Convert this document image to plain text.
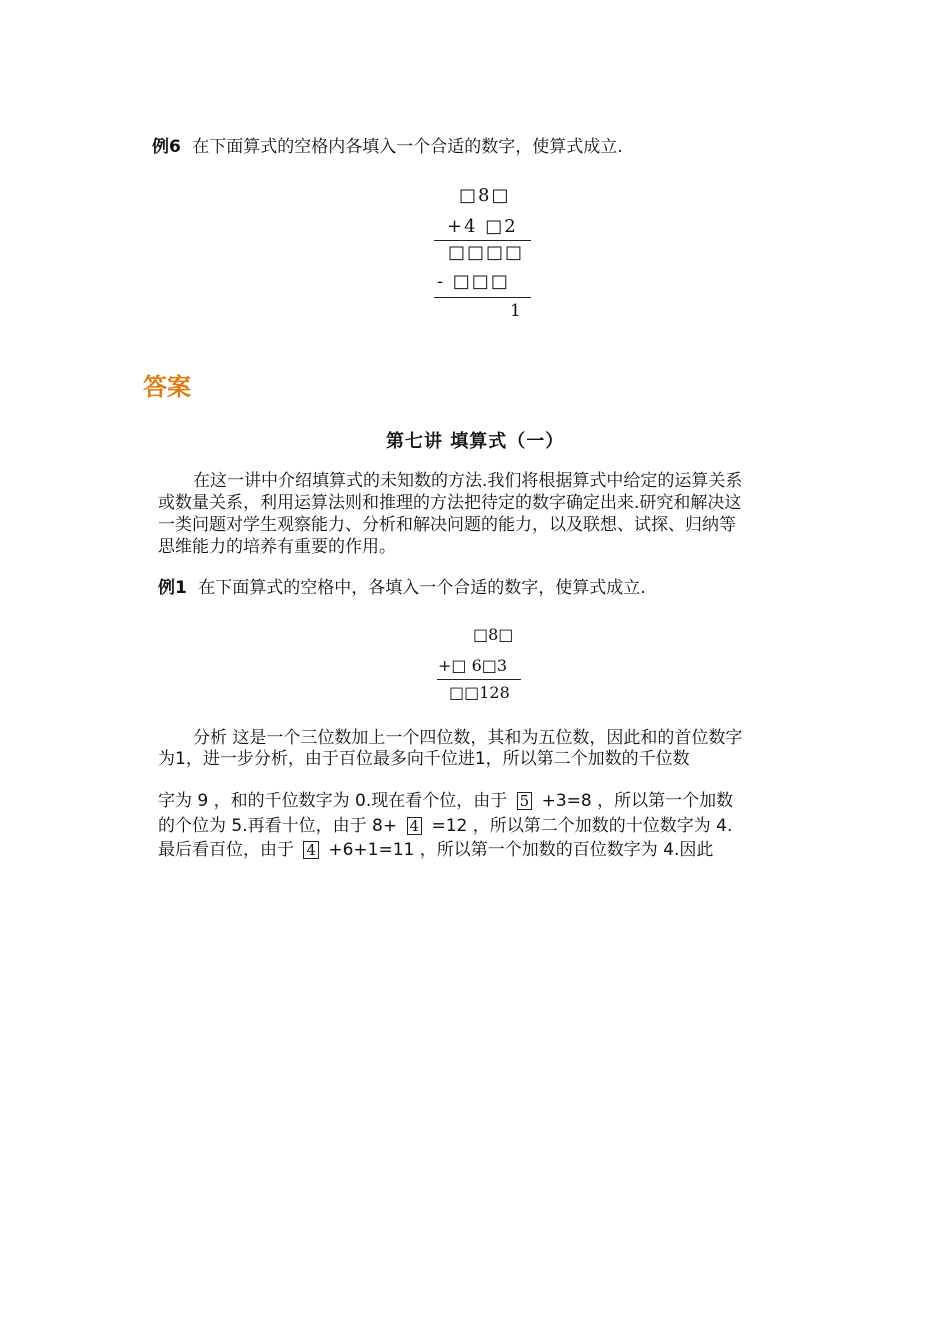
例6 在下面算式的空格内各填入一个合适的数字，使算式成立.
□8□
+4 □2
□□□□
- □□□
1
答案
第七讲 填算式（一）
在这一讲中介绍填算式的未知数的方法.我们将根据算式中给定的运算关系
或数量关系，利用运算法则和推理的方法把待定的数字确定出来.研究和解决这
一类问题对学生观察能力、分析和解决问题的能力，以及联想、试探、归纳等
思维能力的培养有重要的作用。
例1 在下面算式的空格中，各填入一个合适的数字，使算式成立.
□8□
+□ 6□3
□□128
分析 这是一个三位数加上一个四位数，其和为五位数，因此和的首位数字
为1，进一步分析，由于百位最多向千位进1，所以第二个加数的千位数
字为 9 ，和的千位数字为 0.现在看个位，由于 5 +3=8 ，所以第一个加数
的个位为 5.再看十位，由于 8+ 4 =12 ，所以第二个加数的十位数字为 4.
最后看百位，由于 4 +6+1=11 ，所以第一个加数的百位数字为 4.因此
